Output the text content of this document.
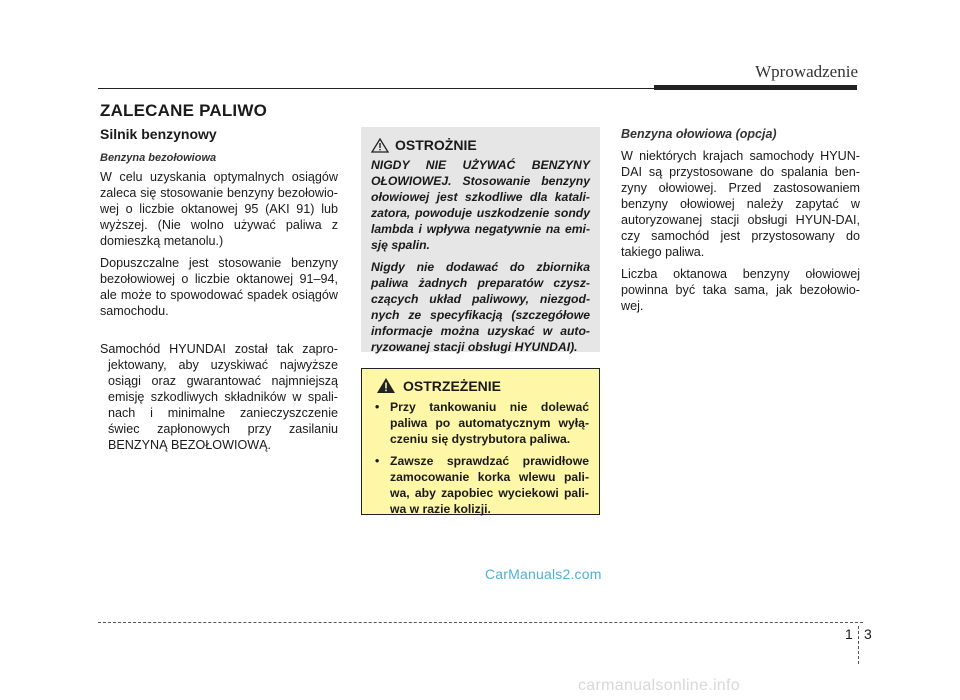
Wprowadzenie
ZALECANE PALIWO
Silnik benzynowy
Benzyna bezołowiowa

W celu uzyskania optymalnych osiągów zaleca się stosowanie benzyny bezołowio-wej o liczbie oktanowej 95 (AKI 91) lub wyższej. (Nie wolno używać paliwa z domieszką metanolu.)

Dopuszczalne jest stosowanie benzyny bezołowiowej o liczbie oktanowej 91–94, ale może to spowodować spadek osiągów samochodu.

Samochód HYUNDAI został tak zapro-jektowany, aby uzyskiwać najwyższe osiągi oraz gwarantować najmniejszą emisję szkodliwych składników w spali-nach i minimalne zanieczyszczenie świec zapłonowych przy zasilaniu BENZYNĄ BEZOŁOWIOWĄ.

OSTROŻNIE

NIGDY NIE UŻYWAĆ BENZYNY OŁOWIOWEJ. Stosowanie benzyny ołowiowej jest szkodliwe dla katali-zatora, powoduje uszkodzenie sondy lambda i wpływa negatywnie na emi-sję spalin.

Nigdy nie dodawać do zbiornika paliwa żadnych preparatów czysz-czących układ paliwowy, niezgod-nych ze specyfikacją (szczegółowe informacje można uzyskać w auto-ryzowanej stacji obsługi HYUNDAI).

OSTRZEŻENIE
• Przy tankowaniu nie dolewać paliwa po automatycznym wyłą-czeniu się dystrybutora paliwa.
• Zawsze sprawdzać prawidłowe zamocowanie korka wlewu pali-wa, aby zapobiec wyciekowi pali-wa w razie kolizji.
Benzyna ołowiowa (opcja)

W niektórych krajach samochody HYUN-DAI są przystosowane do spalania ben-zyny ołowiowej. Przed zastosowaniem benzyny ołowiowej należy zapytać w autoryzowanej stacji obsługi HYUN-DAI, czy samochód jest przystosowany do takiego paliwa.

Liczba oktanowa benzyny ołowiowej powinna być taka sama, jak bezołowio-wej.

CarManuals2.com
1 3
carmanualsonline.info
